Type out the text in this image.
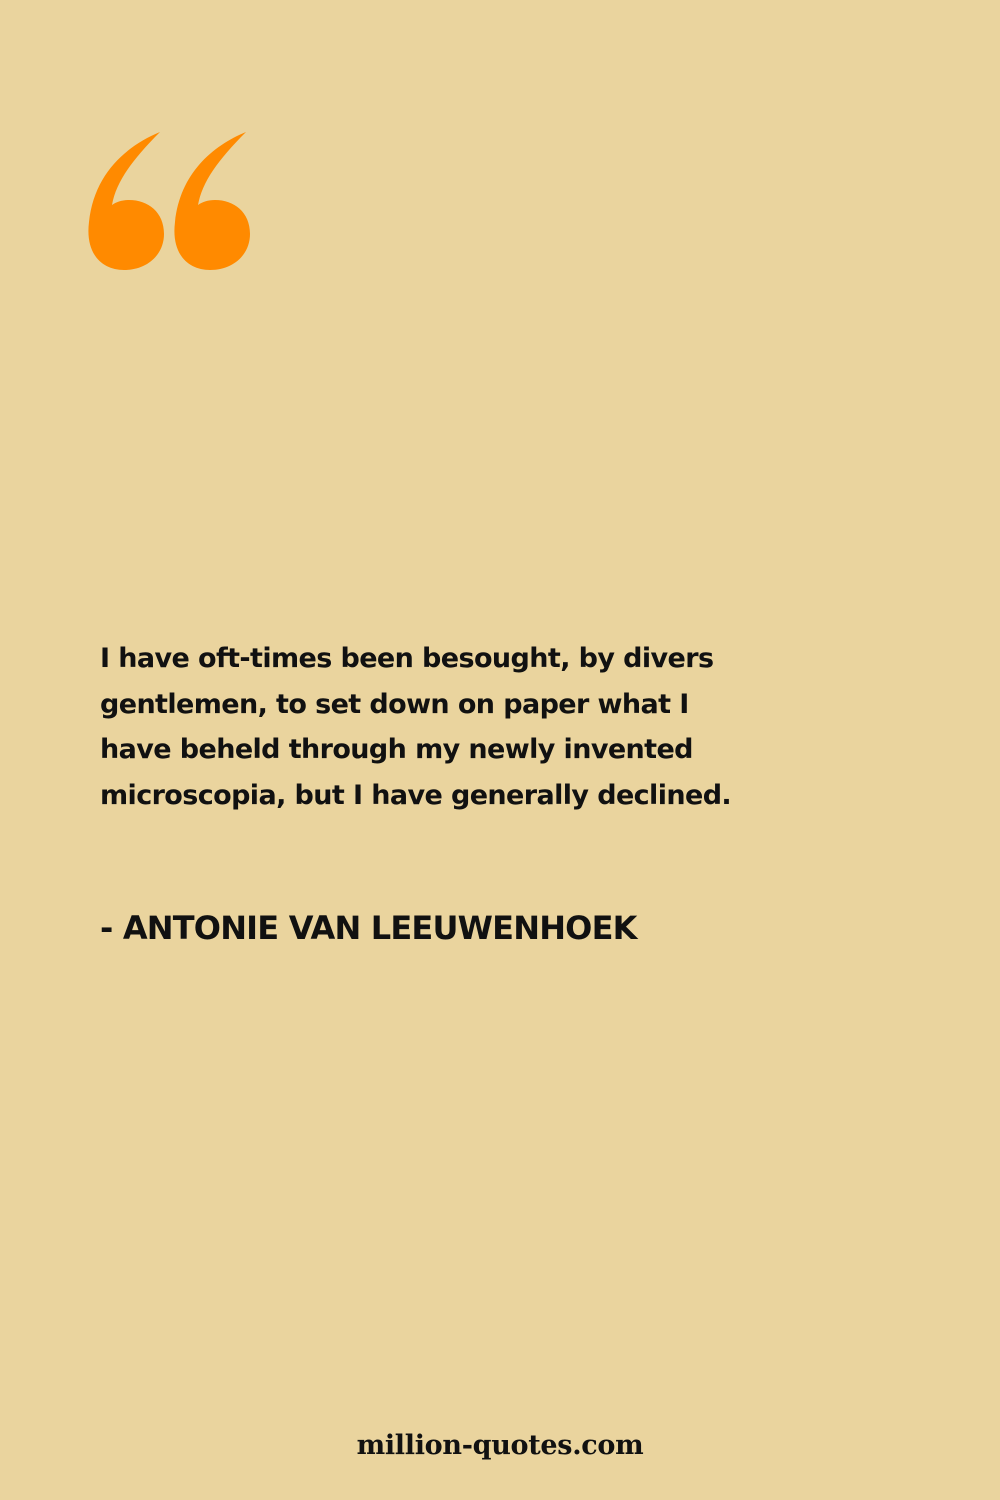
I have oft-times been besought, by divers
gentlemen, to set down on paper what I
have beheld through my newly invented
microscopia, but I have generally declined.

- ANTONIE VAN LEEUWENHOEK

million-quotes.com
